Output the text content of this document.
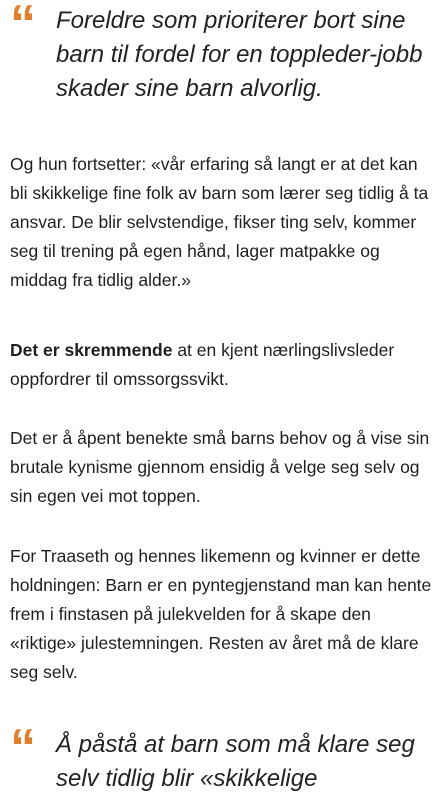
“	Foreldre som prioriterer bort sine barn til fordel for en toppleder-jobb skader sine barn alvorlig.

Og hun fortsetter: «vår erfaring så langt er at det kan bli skikkelige fine folk av barn som lærer seg tidlig å ta ansvar. De blir selvstendige, fikser ting selv, kommer seg til trening på egen hånd, lager matpakke og middag fra tidlig alder.»

Det er skremmende at en kjent nærlingslivsleder oppfordrer til omssorgssvikt.

Det er å åpent benekte små barns behov og å vise sin brutale kynisme gjennom ensidig å velge seg selv og sin egen vei mot toppen.

For Traaseth og hennes likemenn og kvinner er dette holdningen: Barn er en pyntegjenstand man kan hente frem i finstasen på julekvelden for å skape den «riktige» julestemningen. Resten av året må de klare seg selv.

“	Å påstå at barn som må klare seg selv tidlig blir «skikkelige
